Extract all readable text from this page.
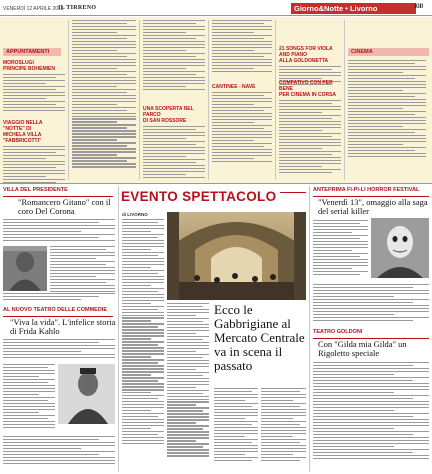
VENERDÌ 12 APRILE 2013
IL TIRRENO	Giorno&Notte • Livorno	XIII
APPUNTAMENTI
MOROSLUGI
PRINCIPE BOHEMIEN
VIAGGIO NELLA "NOTTE" DI
MICHELA VILLA "FABBRICOTTI"
UNA SCOPERTA NEL PARCO
DI SAN ROSSORE
CANTINEE - NAVE
21 SONGS FOR VIOLA AND PIANO
ALLA GOLDONETTA
COMPATIVO CON PER BENE
PER CINEMA IN CORSA
CINEMA
VILLA DEL PRESIDENTE
"Romancero Gitano" con il coro Del Corona
AL NUOVO TEATRO DELLE COMMEDIE
"Viva la vida". L'infelice storia di Frida Kahlo
EVENTO SPETTACOLO
di LIVORNO
Ecco le Gabbrigiane al Mercato Centrale va in scena il passato
ANTEPRIMA FI-PI-LI HORROR FESTIVAL
"Venerdì 13", omaggio alla saga del serial killer
TEATRO GOLDONI
Con "Gilda mia Gilda" un Rigoletto speciale
